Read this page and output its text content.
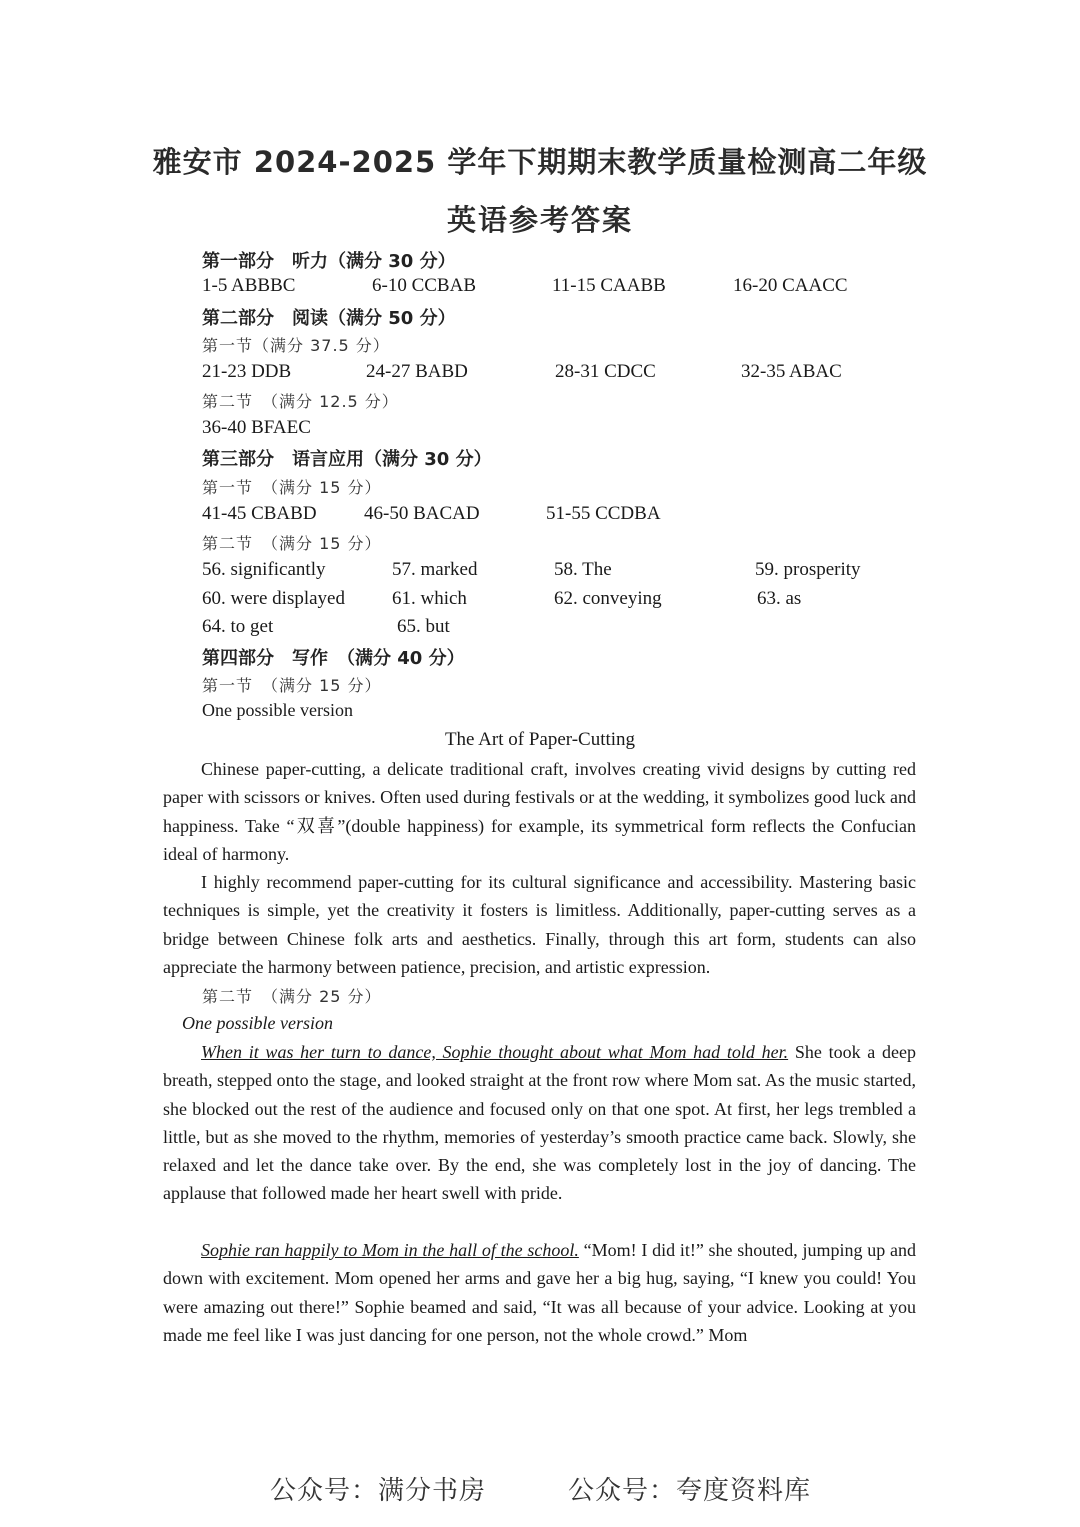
雅安市 2024-2025 学年下期期末教学质量检测高二年级
英语参考答案
第一部分　听力（满分 30 分）
1-5 ABBBC	6-10 CCBAB	11-15 CAABB	16-20 CAACC
第二部分　阅读（满分 50 分）
第一节（满分 37.5 分）
21-23 DDB	24-27 BABD	28-31 CDCC	32-35 ABAC
第二节　（满分 12.5 分）
36-40 BFAEC
第三部分　语言应用（满分 30 分）
第一节　（满分 15 分）
41-45 CBABD 46-50 BACAD	51-55 CCDBA
第二节　（满分 15 分）
56. significantly	57. marked	58. The	59. prosperity
60. were displayed 61. which	62. conveying	63. as
64. to get	65. but
第四部分　写作　（满分 40 分）
第一节　（满分 15 分）
One possible version
The Art of Paper-Cutting
Chinese paper-cutting, a delicate traditional craft, involves creating vivid designs by cutting red paper with scissors or knives. Often used during festivals or at the wedding, it symbolizes good luck and happiness. Take “双喜”(double happiness) for example, its symmetrical form reflects the Confucian ideal of harmony.
I highly recommend paper-cutting for its cultural significance and accessibility. Mastering basic techniques is simple, yet the creativity it fosters is limitless. Additionally, paper-cutting serves as a bridge between Chinese folk arts and aesthetics. Finally, through this art form, students can also appreciate the harmony between patience, precision, and artistic expression.
第二节　（满分 25 分）
One possible version
When it was her turn to dance, Sophie thought about what Mom had told her. She took a deep breath, stepped onto the stage, and looked straight at the front row where Mom sat. As the music started, she blocked out the rest of the audience and focused only on that one spot. At first, her legs trembled a little, but as she moved to the rhythm, memories of yesterday’s smooth practice came back. Slowly, she relaxed and let the dance take over. By the end, she was completely lost in the joy of dancing. The applause that followed made her heart swell with pride.
Sophie ran happily to Mom in the hall of the school. “Mom! I did it!” she shouted, jumping up and down with excitement. Mom opened her arms and gave her a big hug, saying, “I knew you could! You were amazing out there!” Sophie beamed and said, “It was all because of your advice. Looking at you made me feel like I was just dancing for one person, not the whole crowd.” Mom
公众号：满分书房	公众号：夸度资料库
